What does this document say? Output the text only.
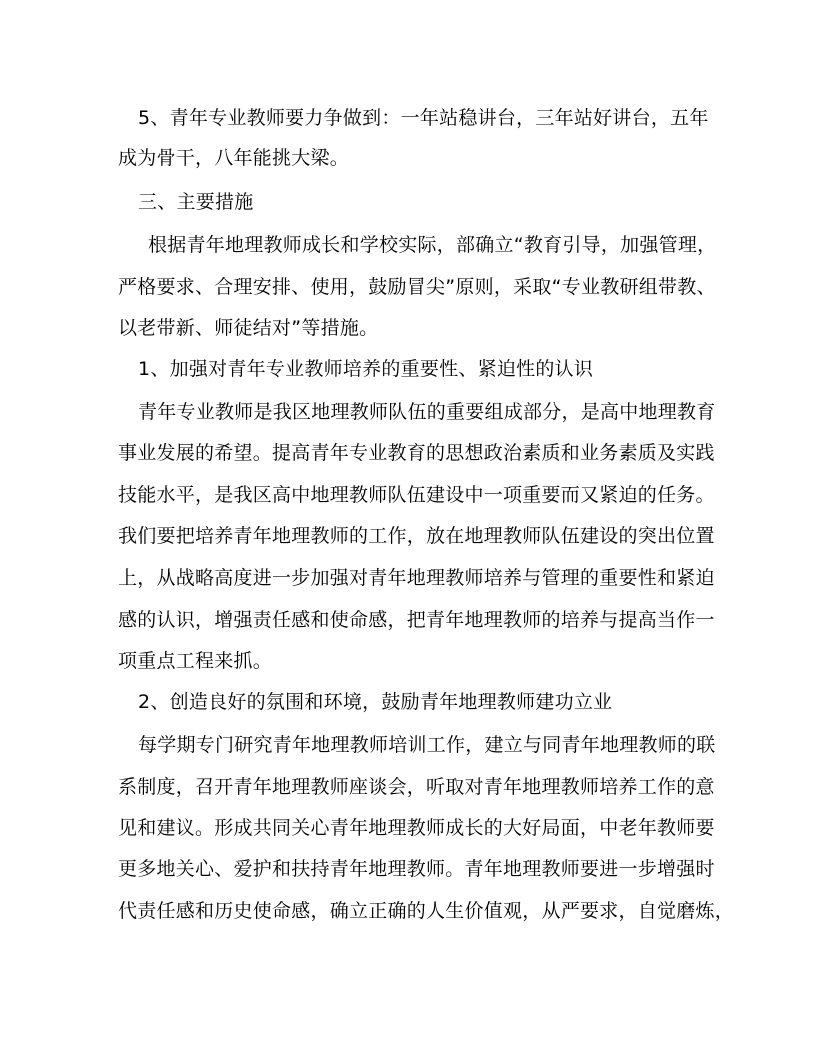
5、青年专业教师要力争做到：一年站稳讲台，三年站好讲台，五年
成为骨干，八年能挑大梁。
三、主要措施
根据青年地理教师成长和学校实际，部确立“教育引导，加强管理，
严格要求、合理安排、使用，鼓励冒尖”原则，采取“专业教研组带教、
以老带新、师徒结对”等措施。
1、加强对青年专业教师培养的重要性、紧迫性的认识
青年专业教师是我区地理教师队伍的重要组成部分，是高中地理教育
事业发展的希望。提高青年专业教育的思想政治素质和业务素质及实践
技能水平，是我区高中地理教师队伍建设中一项重要而又紧迫的任务。
我们要把培养青年地理教师的工作，放在地理教师队伍建设的突出位置
上，从战略高度进一步加强对青年地理教师培养与管理的重要性和紧迫
感的认识，增强责任感和使命感，把青年地理教师的培养与提高当作一
项重点工程来抓。
2、创造良好的氛围和环境，鼓励青年地理教师建功立业
每学期专门研究青年地理教师培训工作，建立与同青年地理教师的联
系制度，召开青年地理教师座谈会，听取对青年地理教师培养工作的意
见和建议。形成共同关心青年地理教师成长的大好局面，中老年教师要
更多地关心、爱护和扶持青年地理教师。青年地理教师要进一步增强时
代责任感和历史使命感，确立正确的人生价值观，从严要求，自觉磨炼，
